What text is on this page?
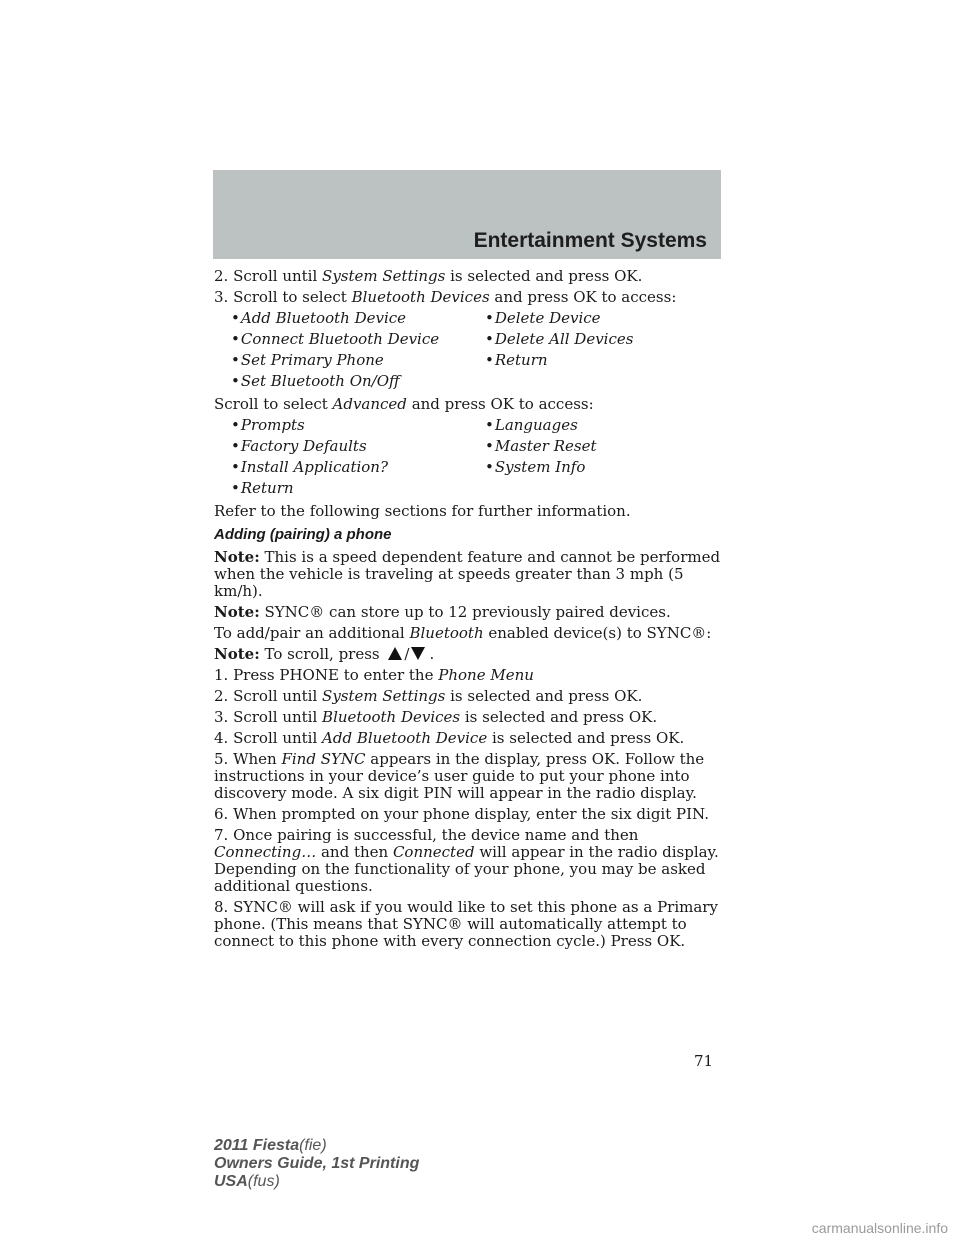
Entertainment Systems

2. Scroll until System Settings is selected and press OK.

3. Scroll to select Bluetooth Devices and press OK to access:

•Add Bluetooth Device	•Delete Device
•Connect Bluetooth Device	•Delete All Devices
•Set Primary Phone	•Return
•Set Bluetooth On/Off

Scroll to select Advanced and press OK to access:

•Prompts	•Languages
•Factory Defaults	•Master Reset
•Install Application?	•System Info
•Return

Refer to the following sections for further information.

Adding (pairing) a phone

Note: This is a speed dependent feature and cannot be performed when the vehicle is traveling at speeds greater than 3 mph (5 km/h).

Note: SYNC® can store up to 12 previously paired devices.

To add/pair an additional Bluetooth enabled device(s) to SYNC®:

Note: To scroll, press / .

1. Press PHONE to enter the Phone Menu

2. Scroll until System Settings is selected and press OK.

3. Scroll until Bluetooth Devices is selected and press OK.

4. Scroll until Add Bluetooth Device is selected and press OK.

5. When Find SYNC appears in the display, press OK. Follow the instructions in your device’s user guide to put your phone into discovery mode. A six digit PIN will appear in the radio display.

6. When prompted on your phone display, enter the six digit PIN.

7. Once pairing is successful, the device name and then Connecting… and then Connected will appear in the radio display. Depending on the functionality of your phone, you may be asked additional questions.

8. SYNC® will ask if you would like to set this phone as a Primary phone. (This means that SYNC® will automatically attempt to connect to this phone with every connection cycle.) Press OK.

71
2011 Fiesta(fie)
Owners Guide, 1st Printing
USA(fus)
carmanualsonline.info
